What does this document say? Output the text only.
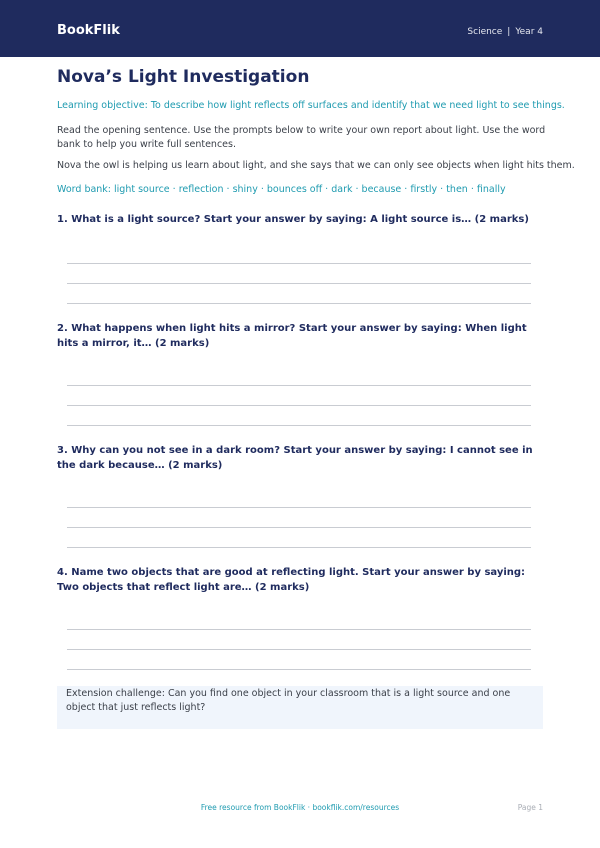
BookFlik	Science | Year 4
Nova’s Light Investigation
Learning objective: To describe how light reflects off surfaces and identify that we need light to see things.
Read the opening sentence. Use the prompts below to write your own report about light. Use the word bank to help you write full sentences.
Nova the owl is helping us learn about light, and she says that we can only see objects when light hits them.
Word bank: light source · reflection · shiny · bounces off · dark · because · firstly · then · finally
1. What is a light source? Start your answer by saying: A light source is… (2 marks)
2. What happens when light hits a mirror? Start your answer by saying: When light hits a mirror, it… (2 marks)
3. Why can you not see in a dark room? Start your answer by saying: I cannot see in the dark because… (2 marks)
4. Name two objects that are good at reflecting light. Start your answer by saying: Two objects that reflect light are… (2 marks)
Extension challenge: Can you find one object in your classroom that is a light source and one object that just reflects light?
Free resource from BookFlik · bookflik.com/resources	Page 1
